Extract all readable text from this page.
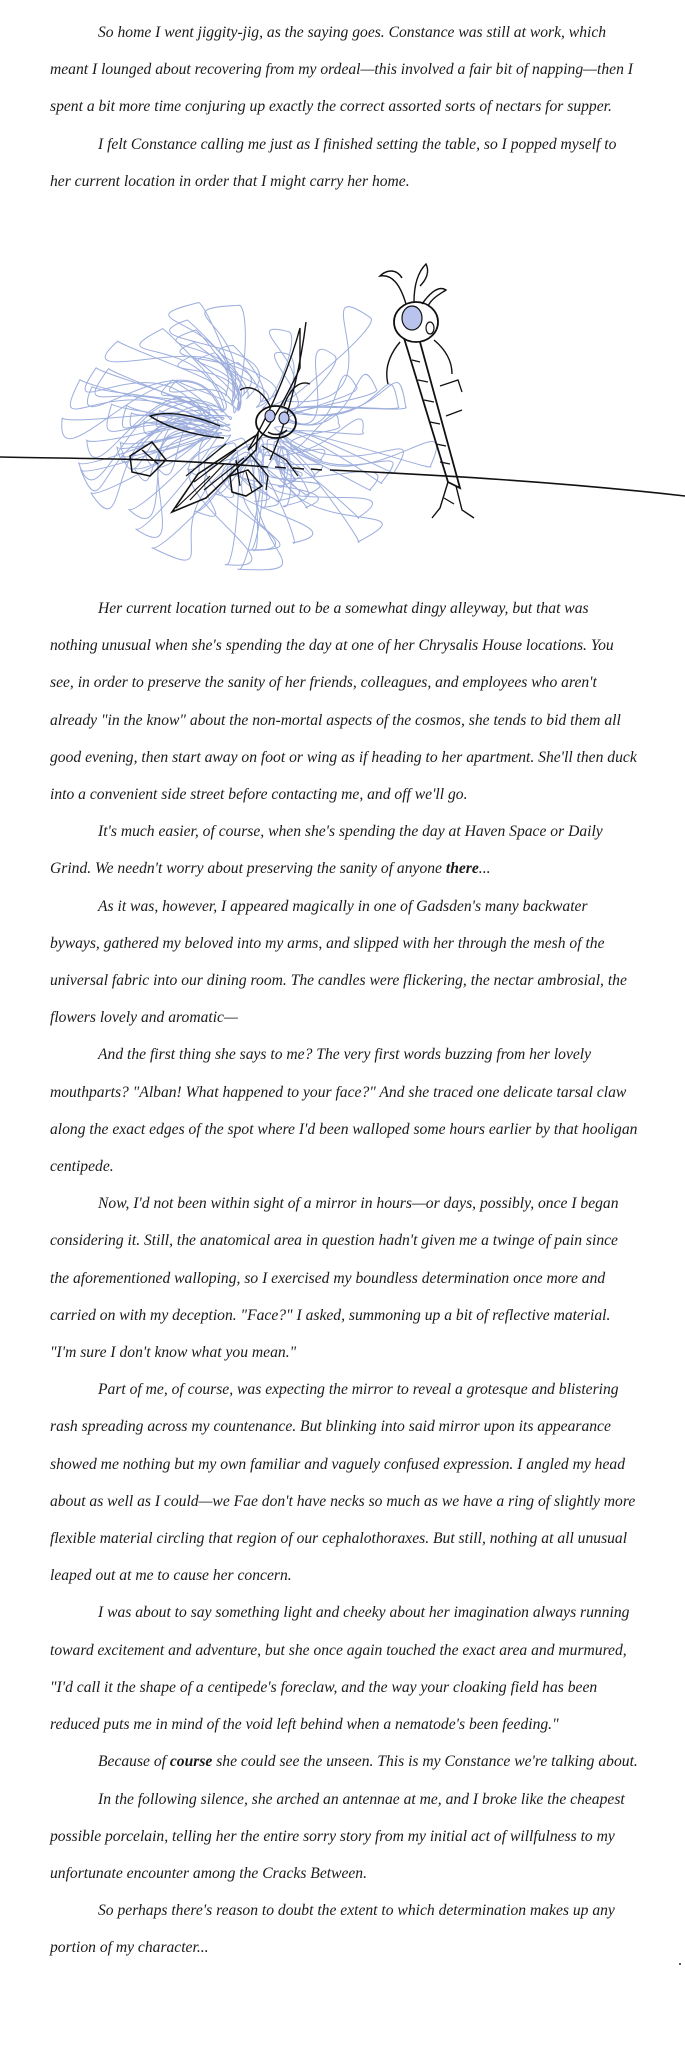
So home I went jiggity-jig, as the saying goes. Constance was still at work, which meant I lounged about recovering from my ordeal—this involved a fair bit of napping—then I spent a bit more time conjuring up exactly the correct assorted sorts of nectars for supper.

I felt Constance calling me just as I finished setting the table, so I popped myself to her current location in order that I might carry her home.

Her current location turned out to be a somewhat dingy alleyway, but that was nothing unusual when she's spending the day at one of her Chrysalis House locations. You see, in order to preserve the sanity of her friends, colleagues, and employees who aren't already "in the know" about the non-mortal aspects of the cosmos, she tends to bid them all good evening, then start away on foot or wing as if heading to her apartment. She'll then duck into a convenient side street before contacting me, and off we'll go.

It's much easier, of course, when she's spending the day at Haven Space or Daily Grind. We needn't worry about preserving the sanity of anyone there...

As it was, however, I appeared magically in one of Gadsden's many backwater byways, gathered my beloved into my arms, and slipped with her through the mesh of the universal fabric into our dining room. The candles were flickering, the nectar ambrosial, the flowers lovely and aromatic—

And the first thing she says to me? The very first words buzzing from her lovely mouthparts? "Alban! What happened to your face?" And she traced one delicate tarsal claw along the exact edges of the spot where I'd been walloped some hours earlier by that hooligan centipede.

Now, I'd not been within sight of a mirror in hours—or days, possibly, once I began considering it. Still, the anatomical area in question hadn't given me a twinge of pain since the aforementioned walloping, so I exercised my boundless determination once more and carried on with my deception. "Face?" I asked, summoning up a bit of reflective material. "I'm sure I don't know what you mean."

Part of me, of course, was expecting the mirror to reveal a grotesque and blistering rash spreading across my countenance. But blinking into said mirror upon its appearance showed me nothing but my own familiar and vaguely confused expression. I angled my head about as well as I could—we Fae don't have necks so much as we have a ring of slightly more flexible material circling that region of our cephalothoraxes. But still, nothing at all unusual leaped out at me to cause her concern.

I was about to say something light and cheeky about her imagination always running toward excitement and adventure, but she once again touched the exact area and murmured, "I'd call it the shape of a centipede's foreclaw, and the way your cloaking field has been reduced puts me in mind of the void left behind when a nematode's been feeding."

Because of course she could see the unseen. This is my Constance we're talking about.

In the following silence, she arched an antennae at me, and I broke like the cheapest possible porcelain, telling her the entire sorry story from my initial act of willfulness to my unfortunate encounter among the Cracks Between.

So perhaps there's reason to doubt the extent to which determination makes up any portion of my character...
